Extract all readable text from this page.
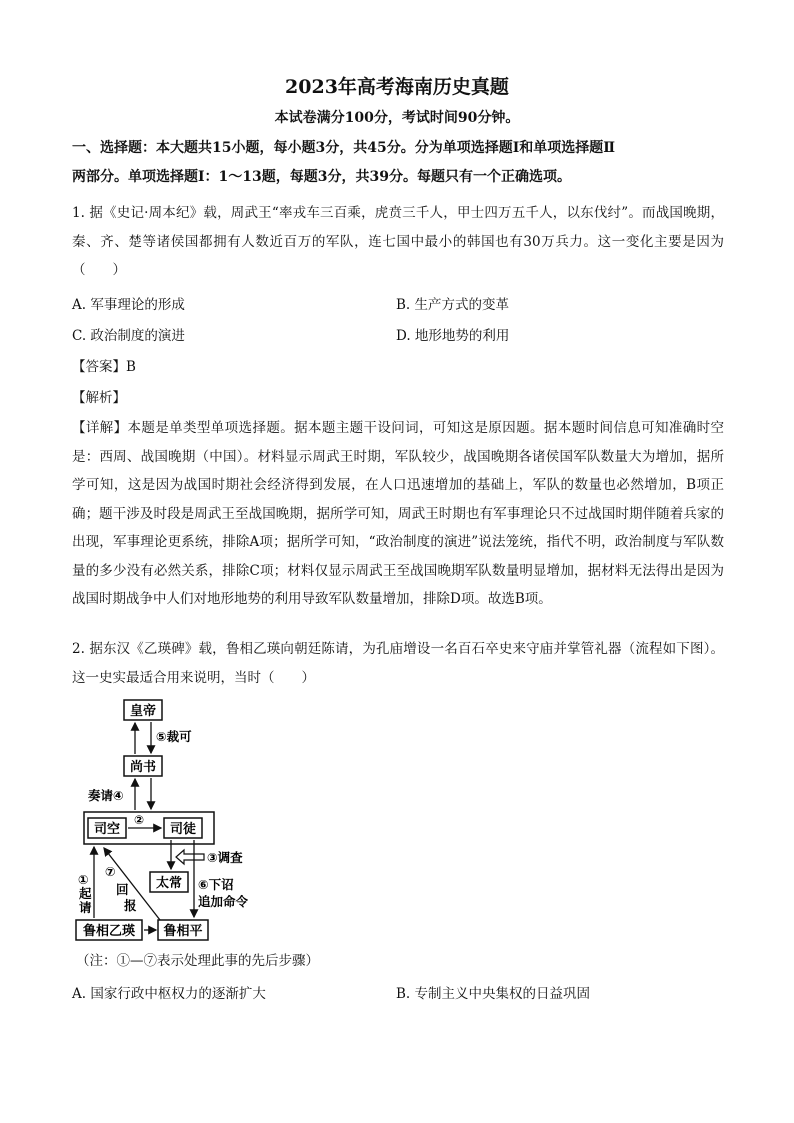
2023年高考海南历史真题
本试卷满分100分，考试时间90分钟。
一、选择题：本大题共15小题，每小题3分，共45分。分为单项选择题Ⅰ和单项选择题Ⅱ
两部分。单项选择题Ⅰ：1～13题，每题3分，共39分。每题只有一个正确选项。
1. 据《史记·周本纪》载，周武王“率戎车三百乘，虎贲三千人，甲士四万五千人，以东伐纣”。而战国晚期，秦、齐、楚等诸侯国都拥有人数近百万的军队，连七国中最小的韩国也有30万兵力。这一变化主要是因为（　　）
A. 军事理论的形成	B. 生产方式的变革
C. 政治制度的演进	D. 地形地势的利用
【答案】B
【解析】
【详解】本题是单类型单项选择题。据本题主题干设问词，可知这是原因题。据本题时间信息可知准确时空是：西周、战国晚期（中国）。材料显示周武王时期，军队较少，战国晚期各诸侯国军队数量大为增加，据所学可知，这是因为战国时期社会经济得到发展，在人口迅速增加的基础上，军队的数量也必然增加，B项正确；题干涉及时段是周武王至战国晚期，据所学可知，周武王时期也有军事理论只不过战国时期伴随着兵家的出现，军事理论更系统，排除A项；据所学可知，“政治制度的演进”说法笼统，指代不明，政治制度与军队数量的多少没有必然关系，排除C项；材料仅显示周武王至战国晚期军队数量明显增加，据材料无法得出是因为战国时期战争中人们对地形地势的利用导致军队数量增加，排除D项。故选B项。
2. 据东汉《乙瑛碑》载，鲁相乙瑛向朝廷陈请，为孔庙增设一名百石卒史来守庙并掌管礼器（流程如下图）。这一史实最适合用来说明，当时（　　）
皇帝
尚书
司空	司徒
太常
鲁相乙瑛 鲁相平
⑤裁可
奏请④
②
③调查
⑥下诏
追加命令
①
起
请
⑦
回
报
（注：①—⑦表示处理此事的先后步骤）
A. 国家行政中枢权力的逐渐扩大	B. 专制主义中央集权的日益巩固
